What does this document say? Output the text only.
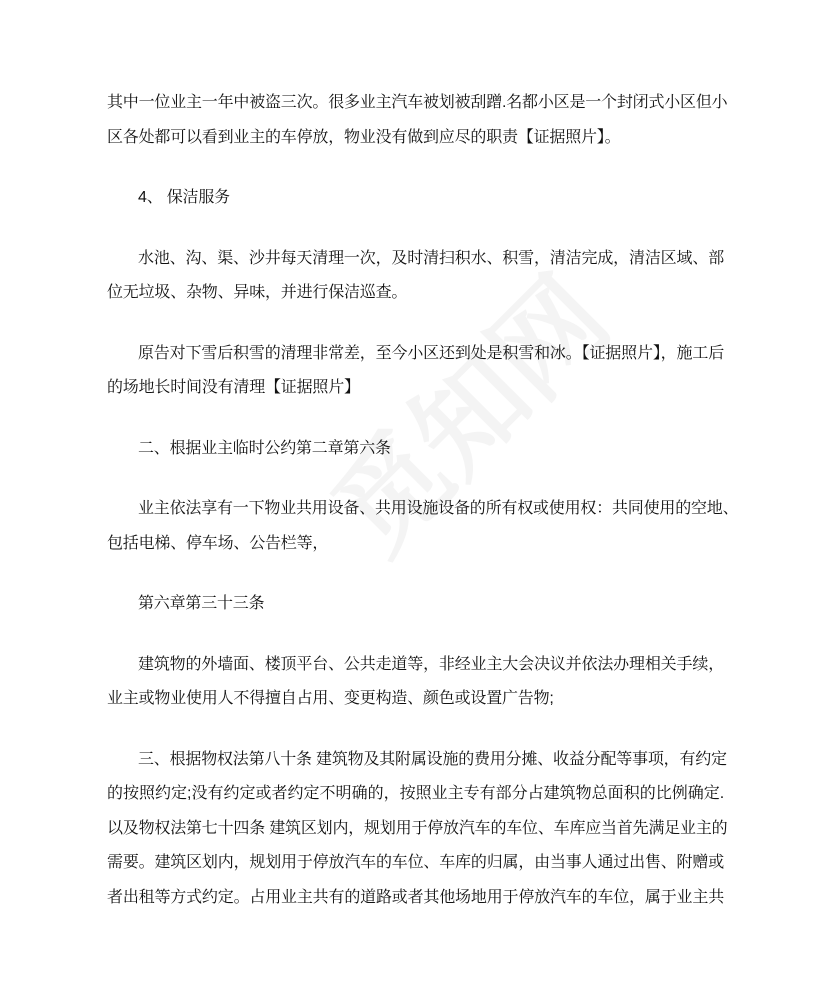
其中一位业主一年中被盗三次。很多业主汽车被划被刮蹭.名都小区是一个封闭式小区但小
区各处都可以看到业主的车停放，物业没有做到应尽的职责【证据照片】。
4、 保洁服务
水池、沟、渠、沙井每天清理一次，及时清扫积水、积雪，清洁完成，清洁区域、部
位无垃圾、杂物、异味，并进行保洁巡查。
原告对下雪后积雪的清理非常差，至今小区还到处是积雪和冰。【证据照片】，施工后
的场地长时间没有清理【证据照片】
二、根据业主临时公约第二章第六条
业主依法享有一下物业共用设备、共用设施设备的所有权或使用权：共同使用的空地、
包括电梯、停车场、公告栏等，
第六章第三十三条
建筑物的外墙面、楼顶平台、公共走道等，非经业主大会决议并依法办理相关手续，
业主或物业使用人不得擅自占用、变更构造、颜色或设置广告物;
三、根据物权法第八十条 建筑物及其附属设施的费用分摊、收益分配等事项，有约定
的按照约定;没有约定或者约定不明确的，按照业主专有部分占建筑物总面积的比例确定.
以及物权法第七十四条 建筑区划内，规划用于停放汽车的车位、车库应当首先满足业主的
需要。建筑区划内，规划用于停放汽车的车位、车库的归属，由当事人通过出售、附赠或
者出租等方式约定。占用业主共有的道路或者其他场地用于停放汽车的车位，属于业主共
